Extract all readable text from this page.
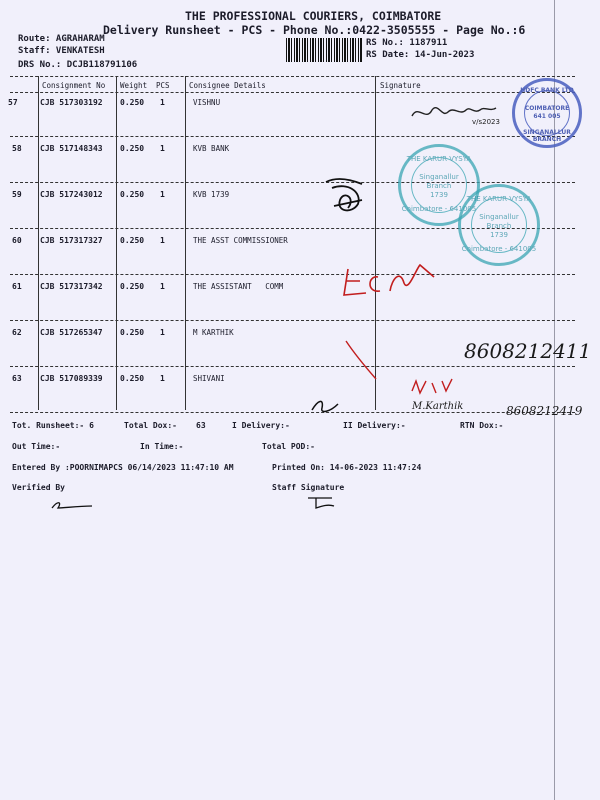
THE PROFESSIONAL COURIERS, COIMBATORE
Delivery Runsheet - PCS - Phone No.:0422-3505555 - Page No.:6
Route: AGRAHARAM
Staff: VENKATESH
DRS No.: DCJB118791106
RS No.: 1187911
RS Date: 14-Jun-2023
Consignment No Weight PCS	Consignee Details	Signature
57	CJB 517303192 0.250 1	VISHNU
58 CJB 517148343 0.250 1	KVB BANK
59 CJB 517243012 0.250 1	KVB 1739
60 CJB 517317327 0.250 1	THE ASST COMMISSIONER
61 CJB 517317342 0.250 1	THE ASSISTANT   COMM
62 CJB 517265347 0.250 1	M KARTHIK
63 CJB 517089339 0.250 1	SHIVANI
v/s2023
8608212411
M.Karthik	8608212419
HDFC BANK LTD
COIMBATORE
641 005
SINGANALLUR BRANCH
THE KARUR VYSYA
Singanallur
Branch
1739
Coimbatore - 641005
THE KARUR VYSYA
Singanallur
Branch
1739
Coimbatore - 641005
Tot. Runsheet:- 6	Total Dox:- 63	I Delivery:-	II Delivery:-	RTN Dox:-
Out Time:-	In Time:-	Total POD:-
Entered By :POORNIMAPCS 06/14/2023 11:47:10 AM	Printed On: 14-06-2023 11:47:24
Verified By	Staff Signature
